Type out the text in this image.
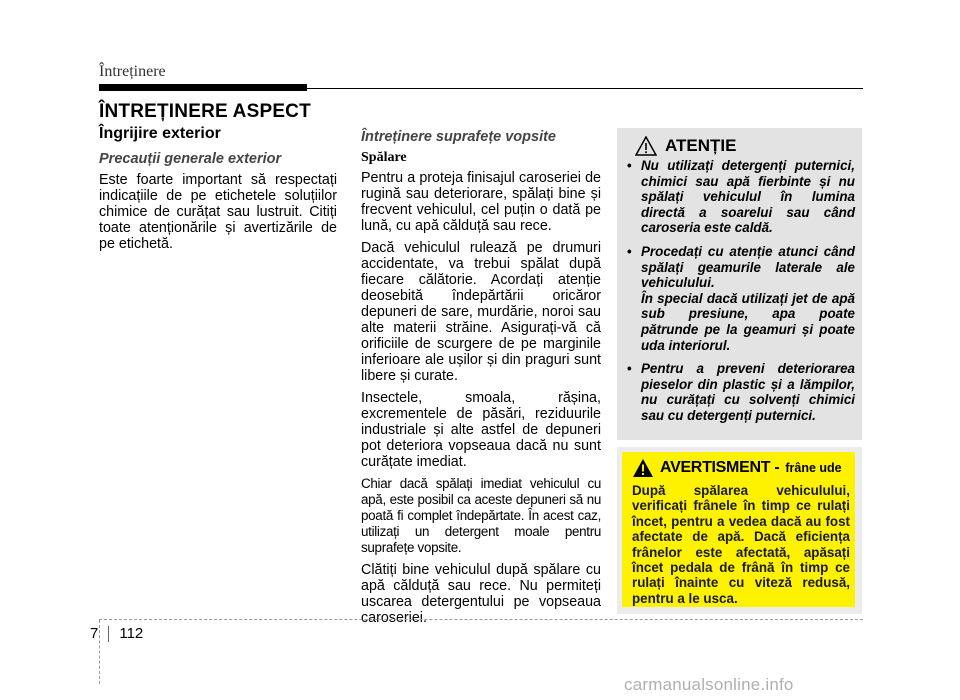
Întreținere
ÎNTREȚINERE ASPECT
Îngrijire exterior
Precauții generale exterior

Este foarte important să respectați indicațiile de pe etichetele soluțiilor chimice de curățat sau lustruit. Citiți toate atenționările și avertizările de pe etichetă.

Întreținere suprafețe vopsite
Spălare

Pentru a proteja finisajul caroseriei de rugină sau deteriorare, spălați bine și frecvent vehiculul, cel puțin o dată pe lună, cu apă călduță sau rece.

Dacă vehiculul rulează pe drumuri accidentate, va trebui spălat după fiecare călătorie. Acordați atenție deosebită îndepărtării oricăror depuneri de sare, murdărie, noroi sau alte materii străine. Asigurați-vă că orificiile de scurgere de pe marginile inferioare ale ușilor și din praguri sunt libere și curate.

Insectele, smoala, rășina, excrementele de păsări, reziduurile industriale și alte astfel de depuneri pot deteriora vopseaua dacă nu sunt curățate imediat.

Chiar dacă spălați imediat vehiculul cu apă, este posibil ca aceste depuneri să nu poată fi complet îndepărtate. În acest caz, utilizați un detergent moale pentru suprafețe vopsite.

Clătiți bine vehiculul după spălare cu apă călduță sau rece. Nu permiteți uscarea detergentului pe vopseaua caroseriei.

ATENȚIE
• Nu utilizați detergenți puternici, chimici sau apă fierbinte și nu spălați vehiculul în lumina directă a soarelui sau când caroseria este caldă.
• Procedați cu atenție atunci când spălați geamurile laterale ale vehiculului.
În special dacă utilizați jet de apă sub presiune, apa poate pătrunde pe la geamuri și poate uda interiorul.
• Pentru a preveni deteriorarea pieselor din plastic și a lămpilor, nu curățați cu solvenți chimici sau cu detergenți puternici.
AVERTISMENT - frâne ude
După spălarea vehiculului, verificați frânele în timp ce rulați încet, pentru a vedea dacă au fost afectate de apă. Dacă eficiența frânelor este afectată, apăsați încet pedala de frână în timp ce rulați înainte cu viteză redusă, pentru a le usca.
7 112
carmanualsonline.info
